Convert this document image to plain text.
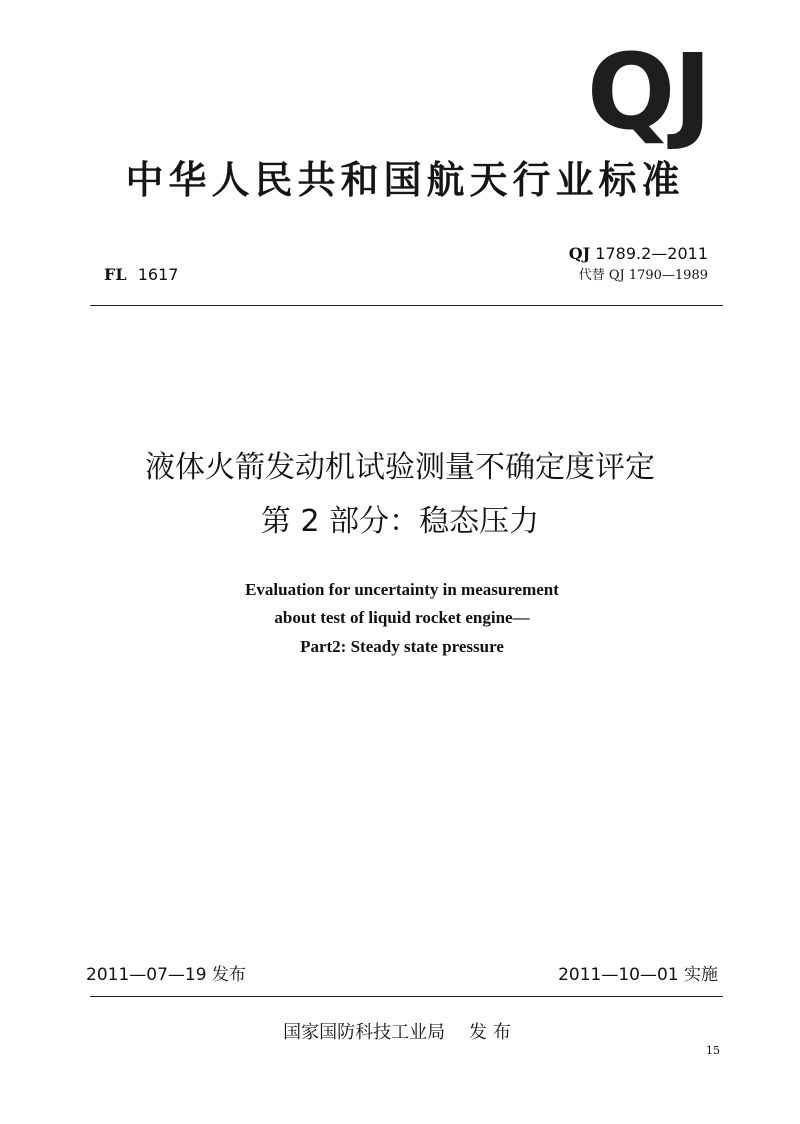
QJ
中华人民共和国航天行业标准
QJ 1789.2—2011
代替 QJ 1790—1989
FL 1617
液体火箭发动机试验测量不确定度评定
第 2 部分：稳态压力
Evaluation for uncertainty in measurement
about test of liquid rocket engine—
Part2: Steady state pressure
2011—07—19 发布	2011—10—01 实施
国家国防科技工业局 发布
15
